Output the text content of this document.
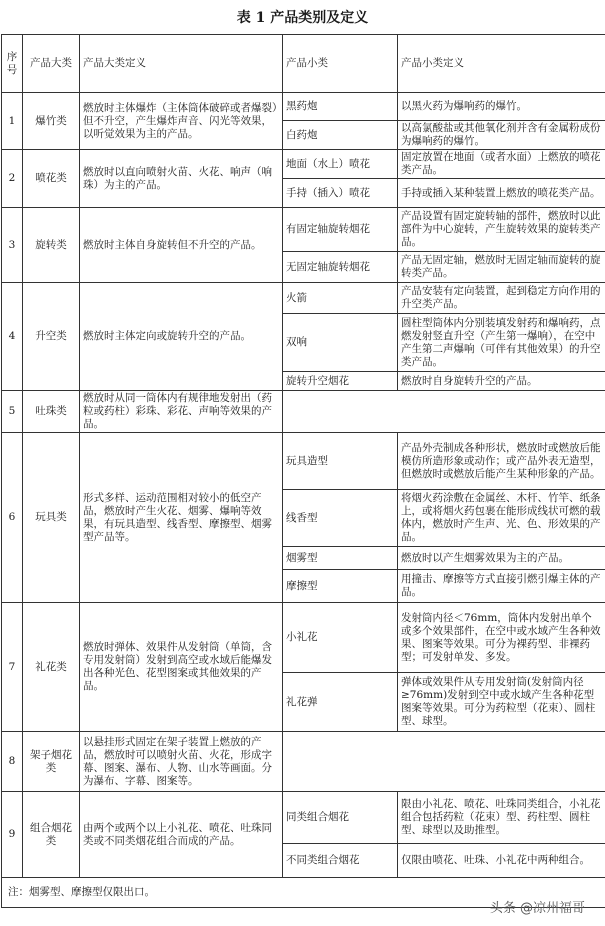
表 1 产品类别及定义
序号	产品大类	产品大类定义	产品小类	产品小类定义
1	爆竹类	燃放时主体爆炸（主体筒体破碎或者爆裂）但不升空，产生爆炸声音、闪光等效果，以听觉效果为主的产品。	黑药炮	以黑火药为爆响药的爆竹。
			白药炮	以高氯酸盐或其他氧化剂并含有金属粉成份为爆响药的爆竹。
2	喷花类	燃放时以直向喷射火苗、火花、响声（响珠）为主的产品。	地面（水上）喷花	固定放置在地面（或者水面）上燃放的喷花类产品。
			手持（插入）喷花	手持或插入某种装置上燃放的喷花类产品。
3	旋转类	燃放时主体自身旋转但不升空的产品。	有固定轴旋转烟花	产品设置有固定旋转轴的部件，燃放时以此部件为中心旋转，产生旋转效果的旋转类产品。
			无固定轴旋转烟花	产品无固定轴，燃放时无固定轴而旋转的旋转类产品。
4	升空类	燃放时主体定向或旋转升空的产品。	火箭	产品安装有定向装置，起到稳定方向作用的升空类产品。
			双响	圆柱型筒体内分别装填发射药和爆响药，点燃发射竖直升空（产生第一爆响），在空中产生第二声爆响（可伴有其他效果）的升空类产品。
			旋转升空烟花	燃放时自身旋转升空的产品。
5	吐珠类	燃放时从同一筒体内有规律地发射出（药粒或药柱）彩珠、彩花、声响等效果的产品。		
6	玩具类	形式多样、运动范围相对较小的低空产品，燃放时产生火花、烟雾、爆响等效果，有玩具造型、线香型、摩擦型、烟雾型产品等。	玩具造型	产品外壳制成各种形状，燃放时或燃放后能模仿所造形象或动作；或产品外表无造型，但燃放时或燃放后能产生某种形象的产品。
			线香型	将烟火药涂敷在金属丝、木杆、竹竿、纸条上，或将烟火药包裹在能形成线状可燃的载体内，燃放时产生声、光、色、形效果的产品。
			烟雾型	燃放时以产生烟雾效果为主的产品。
			摩擦型	用撞击、摩擦等方式直接引燃引爆主体的产品。
7	礼花类	燃放时弹体、效果件从发射筒（单筒，含专用发射筒）发射到高空或水域后能爆发出各种光色、花型图案或其他效果的产品。	小礼花	发射筒内径＜76mm，筒体内发射出单个或多个效果部件，在空中或水域产生各种效果、图案等效果。可分为裸药型、非裸药型；可发射单发、多发。
			礼花弹	弹体或效果件从专用发射筒(发射筒内径≥76mm)发射到空中或水域产生各种花型图案等效果。可分为药粒型（花束）、圆柱型、球型。
8	架子烟花类	以悬挂形式固定在架子装置上燃放的产品，燃放时可以喷射火苗、火花，形成字幕、图案、瀑布、人物、山水等画面。分为瀑布、字幕、图案等。		
9	组合烟花类	由两个或两个以上小礼花、喷花、吐珠同类或不同类烟花组合而成的产品。	同类组合烟花	限由小礼花、喷花、吐珠同类组合，小礼花组合包括药粒（花束）型、药柱型、圆柱型、球型以及助推型。
			不同类组合烟花	仅限由喷花、吐珠、小礼花中两种组合。
注：烟雾型、摩擦型仅限出口。				
头条 @凉州福哥
